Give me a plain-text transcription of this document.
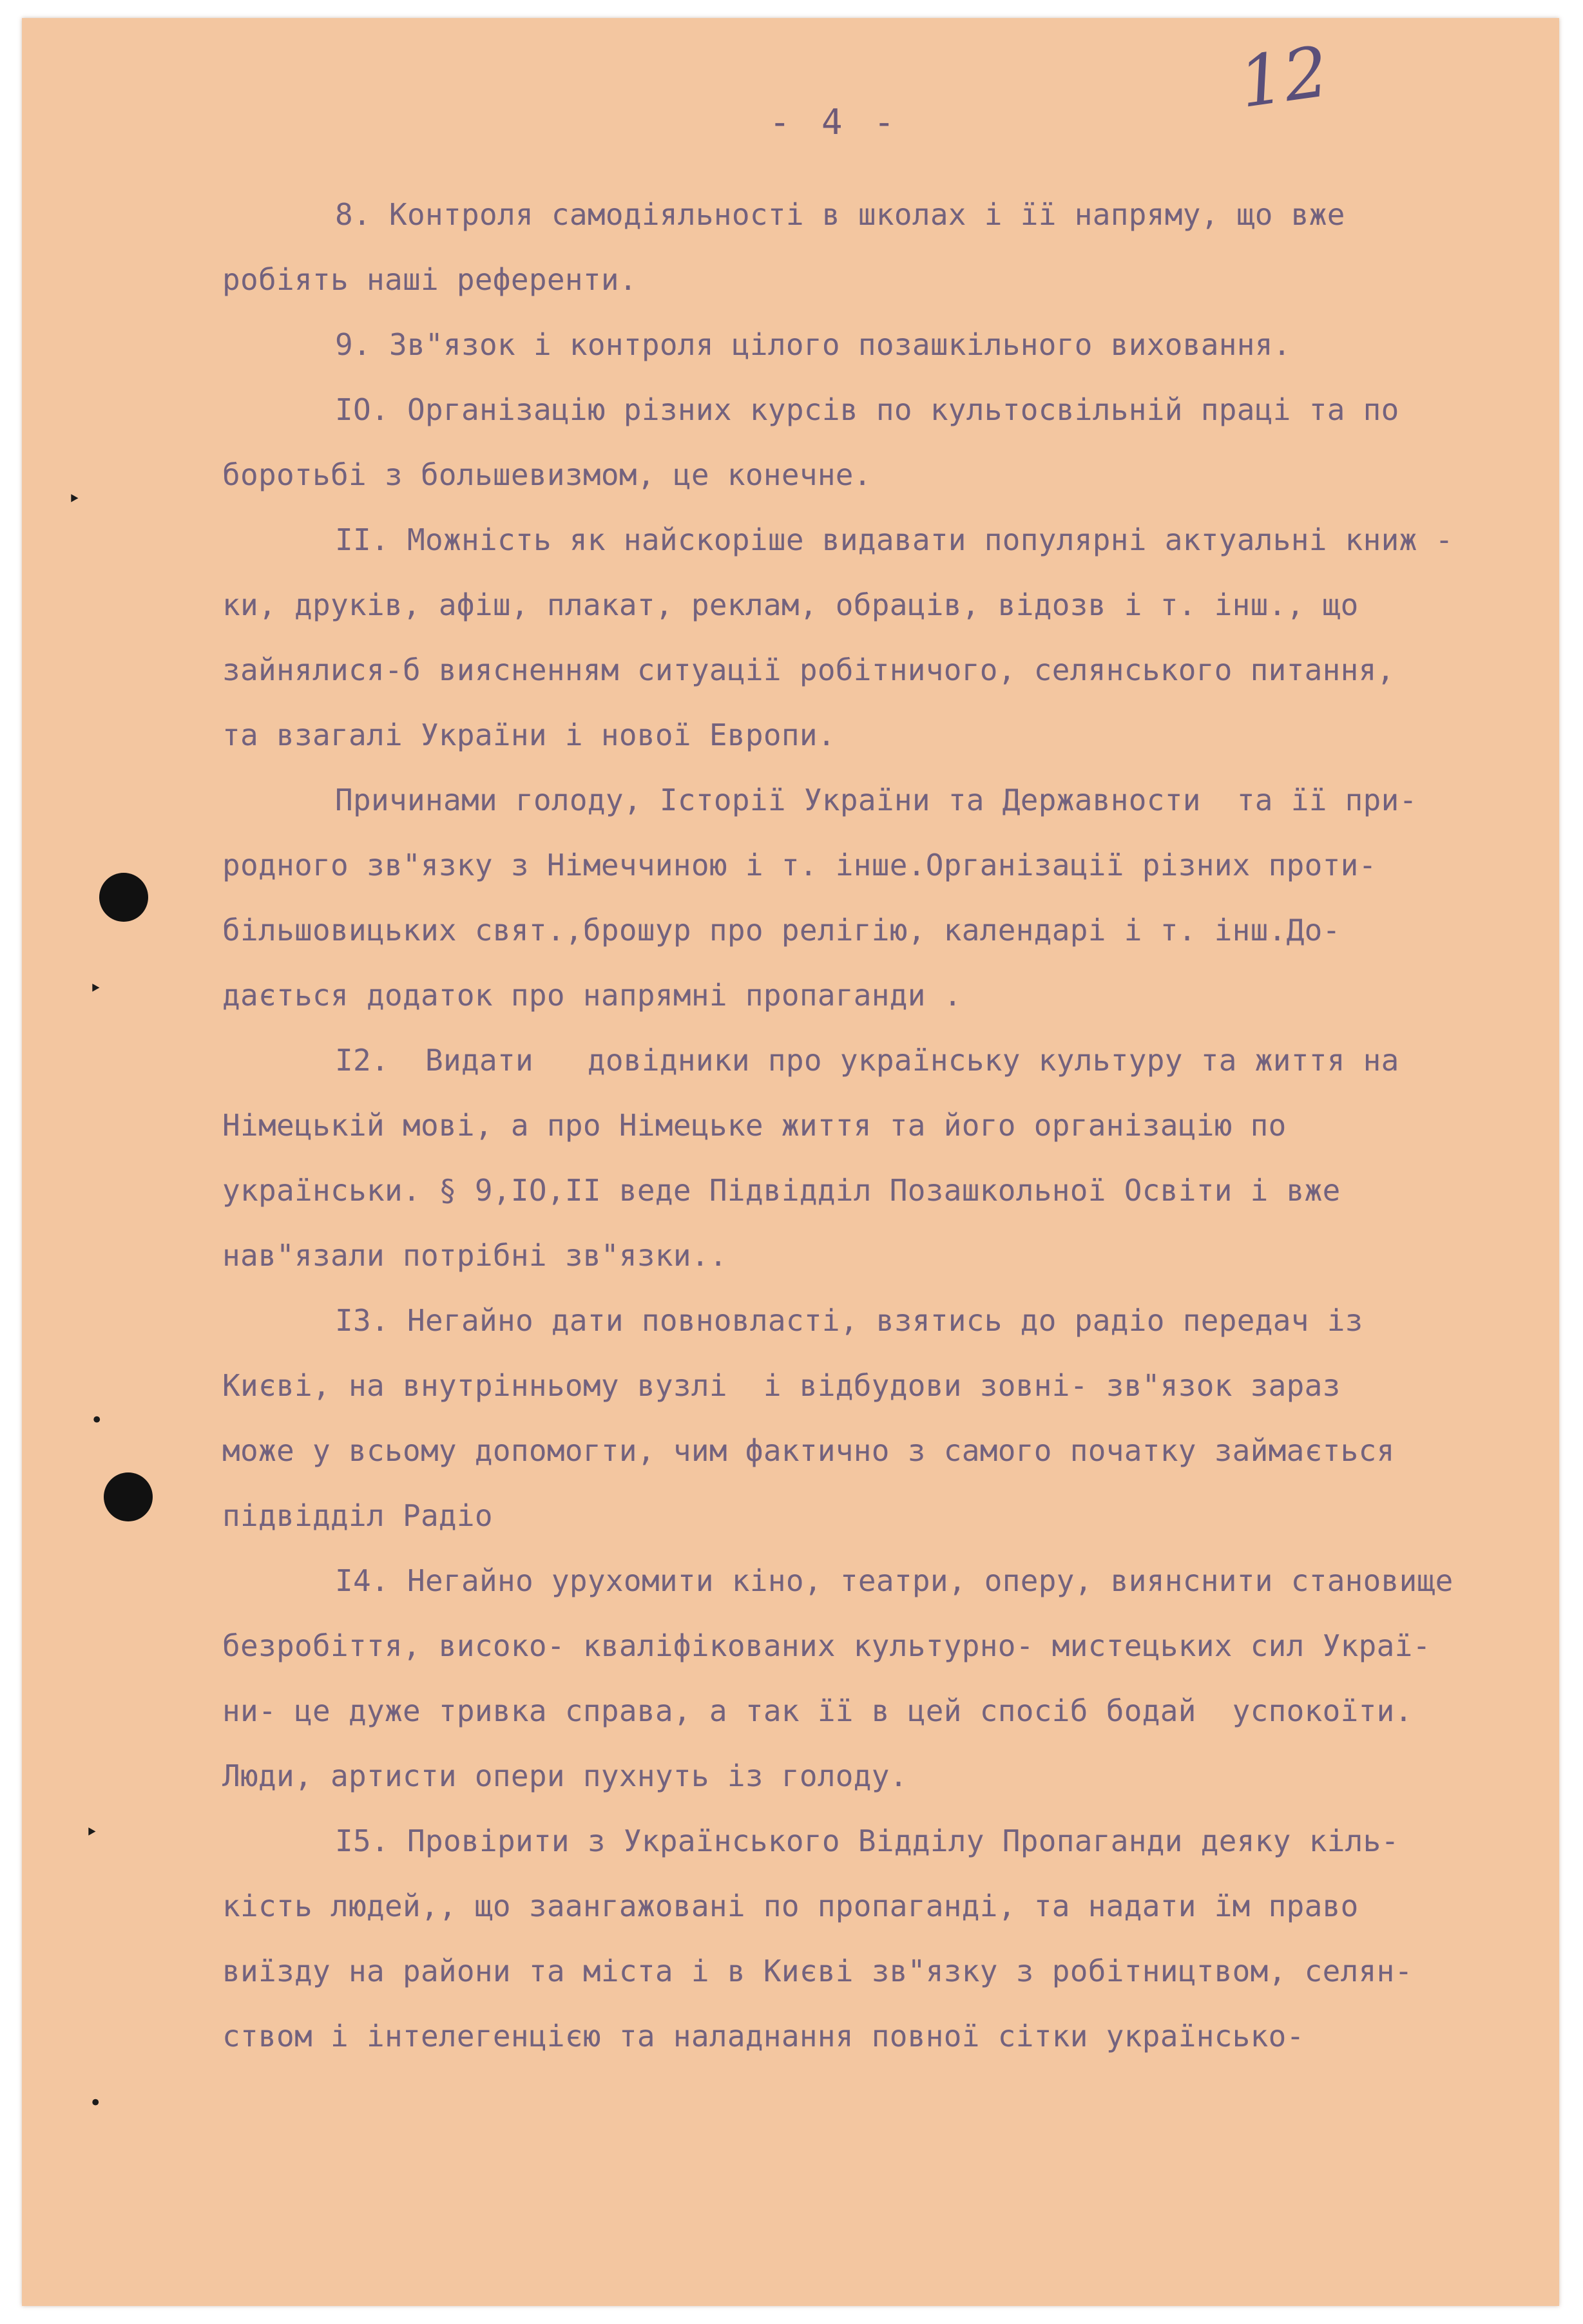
- 4 -	12
‣
‣
•
‣
•
8. Контроля самодіяльності в школах і її напряму, що вже
робіять наші референти.
9. Зв"язок і контроля цілого позашкільного виховання.
IO. Організацію різних курсів по культосвільній праці та по
боротьбі з большевизмом, це конечне.
II. Можність як найскоріше видавати популярні актуальні книж -
ки, друків, афіш, плакат, реклам, обраців, відозв і т. інш., що
зайнялися-б виясненням ситуації робітничого, селянського питання,
та взагалі України і нової Европи.
Причинами голоду, Історії України та Державности  та її при-
родного зв"язку з Німеччиною і т. інше.Організації різних проти-
більшовицьких свят.,брошур про релігію, календарі і т. інш.До-
дається додаток про напрямні пропаганди .
I2.  Видати   довідники про українську культуру та життя на
Німецькій мові, а про Німецьке життя та його організацію по
українськи. § 9,IO,II веде Підвідділ Позашкольної Освіти і вже
нав"язали потрібні зв"язки..
I3. Негайно дати повновласті, взятись до радіо передач із
Києві, на внутрінньому вузлі  і відбудови зовні- зв"язок зараз
може у всьому допомогти, чим фактично з самого початку займається
підвідділ Радіо
I4. Негайно урухомити кіно, театри, оперу, виянснити становище
безробіття, високо- кваліфікованих культурно- мистецьких сил Украї-
ни- це дуже тривка справа, а так її в цей спосіб бодай  успокоїти.
Люди, артисти опери пухнуть із голоду.
I5. Провірити з Українського Відділу Пропаганди деяку кіль-
кість людей,, що заангажовані по пропаганді, та надати їм право
виїзду на райони та міста і в Києві зв"язку з робітництвом, селян-
ством і інтелегенцією та наладнання повної сітки українсько-
